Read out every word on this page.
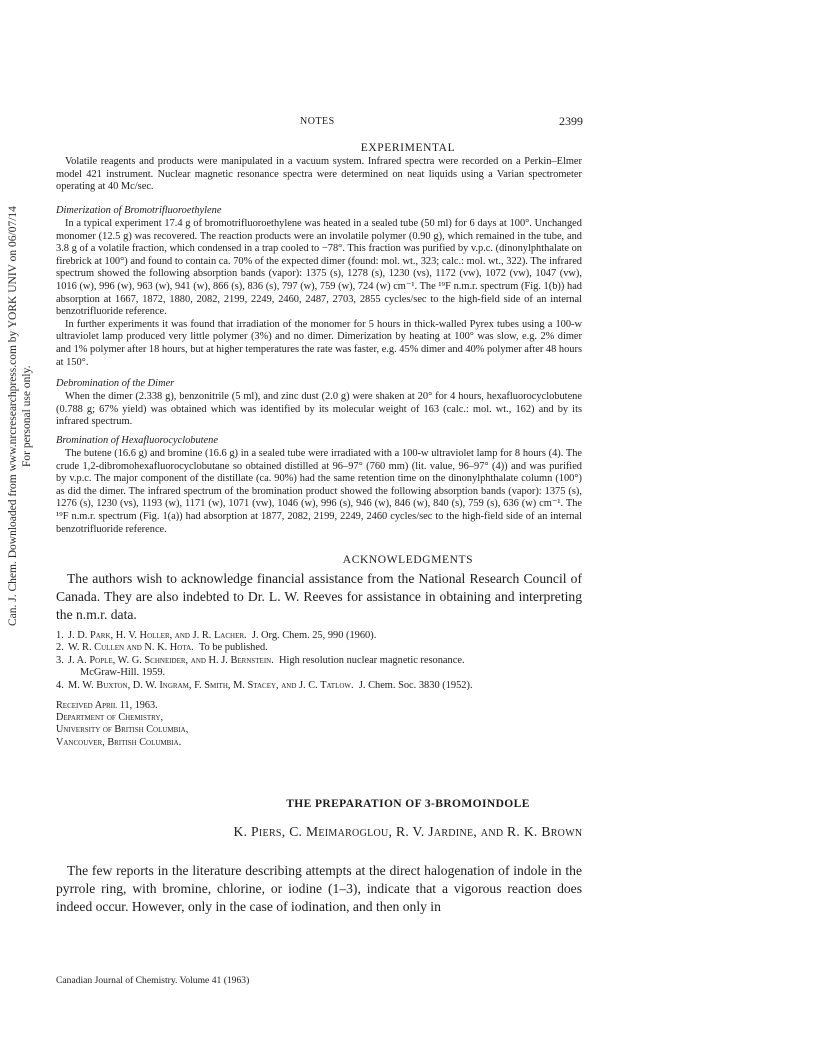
Can. J. Chem. Downloaded from www.nrcresearchpress.com by YORK UNIV on 06/07/14 For personal use only.
NOTES	2399
EXPERIMENTAL

Volatile reagents and products were manipulated in a vacuum system. Infrared spectra were recorded on a Perkin–Elmer model 421 instrument. Nuclear magnetic resonance spectra were determined on neat liquids using a Varian spectrometer operating at 40 Mc/sec.

Dimerization of Bromotrifluoroethylene

In a typical experiment 17.4 g of bromotrifluoroethylene was heated in a sealed tube (50 ml) for 6 days at 100°. Unchanged monomer (12.5 g) was recovered. The reaction products were an involatile polymer (0.90 g), which remained in the tube, and 3.8 g of a volatile fraction, which condensed in a trap cooled to −78°. This fraction was purified by v.p.c. (dinonylphthalate on firebrick at 100°) and found to contain ca. 70% of the expected dimer (found: mol. wt., 323; calc.: mol. wt., 322). The infrared spectrum showed the following absorption bands (vapor): 1375 (s), 1278 (s), 1230 (vs), 1172 (vw), 1072 (vw), 1047 (vw), 1016 (w), 996 (w), 963 (w), 941 (w), 866 (s), 836 (s), 797 (w), 759 (w), 724 (w) cm⁻¹. The ¹⁹F n.m.r. spectrum (Fig. 1(b)) had absorption at 1667, 1872, 1880, 2082, 2199, 2249, 2460, 2487, 2703, 2855 cycles/sec to the high-field side of an internal benzotrifluoride reference.

In further experiments it was found that irradiation of the monomer for 5 hours in thick-walled Pyrex tubes using a 100-w ultraviolet lamp produced very little polymer (3%) and no dimer. Dimerization by heating at 100° was slow, e.g. 2% dimer and 1% polymer after 18 hours, but at higher temperatures the rate was faster, e.g. 45% dimer and 40% polymer after 48 hours at 150°.

Debromination of the Dimer

When the dimer (2.338 g), benzonitrile (5 ml), and zinc dust (2.0 g) were shaken at 20° for 4 hours, hexafluorocyclobutene (0.788 g; 67% yield) was obtained which was identified by its molecular weight of 163 (calc.: mol. wt., 162) and by its infrared spectrum.

Bromination of Hexafluorocyclobutene

The butene (16.6 g) and bromine (16.6 g) in a sealed tube were irradiated with a 100-w ultraviolet lamp for 8 hours (4). The crude 1,2-dibromohexafluorocyclobutane so obtained distilled at 96–97° (760 mm) (lit. value, 96–97° (4)) and was purified by v.p.c. The major component of the distillate (ca. 90%) had the same retention time on the dinonylphthalate column (100°) as did the dimer. The infrared spectrum of the bromination product showed the following absorption bands (vapor): 1375 (s), 1276 (s), 1230 (vs), 1193 (w), 1171 (w), 1071 (vw), 1046 (w), 996 (s), 946 (w), 846 (w), 840 (s), 759 (s), 636 (w) cm⁻¹. The ¹⁹F n.m.r. spectrum (Fig. 1(a)) had absorption at 1877, 2082, 2199, 2249, 2460 cycles/sec to the high-field side of an internal benzotrifluoride reference.

ACKNOWLEDGMENTS

The authors wish to acknowledge financial assistance from the National Research Council of Canada. They are also indebted to Dr. L. W. Reeves for assistance in obtaining and interpreting the n.m.r. data.

1. J. D. Park, H. V. Holler, and J. R. Lacher. J. Org. Chem. 25, 990 (1960).
2. W. R. Cullen and N. K. Hota. To be published.
3. J. A. Pople, W. G. Schneider, and H. J. Bernstein. High resolution nuclear magnetic resonance.
McGraw-Hill. 1959.
4. M. W. Buxton, D. W. Ingram, F. Smith, M. Stacey, and J. C. Tatlow. J. Chem. Soc. 3830 (1952).
Received April 11, 1963.
Department of Chemistry,
University of British Columbia,
Vancouver, British Columbia.
THE PREPARATION OF 3-BROMOINDOLE
K. Piers, C. Meimaroglou, R. V. Jardine, and R. K. Brown

The few reports in the literature describing attempts at the direct halogenation of indole in the pyrrole ring, with bromine, chlorine, or iodine (1–3), indicate that a vigorous reaction does indeed occur. However, only in the case of iodination, and then only in

Canadian Journal of Chemistry. Volume 41 (1963)
